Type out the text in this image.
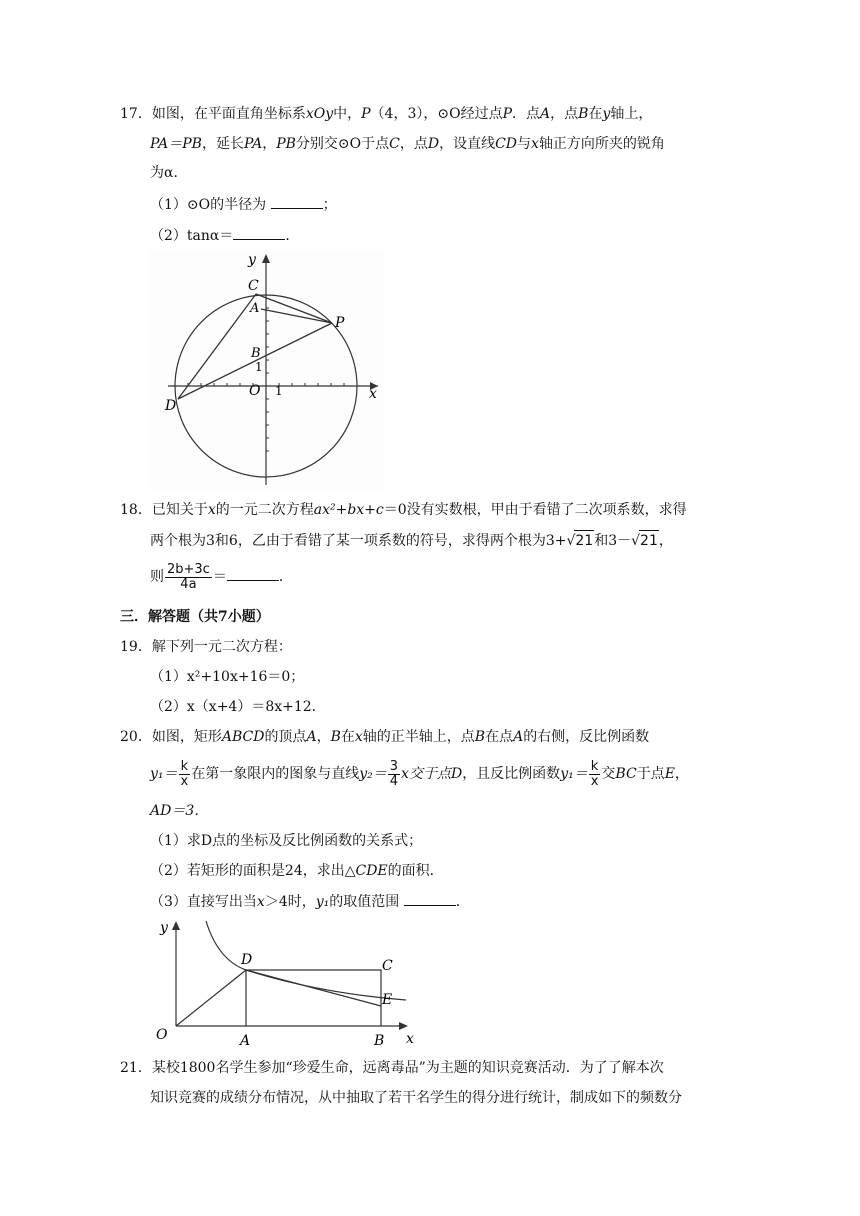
17．如图，在平面直角坐标系xOy中，P（4，3），⊙O经过点P．点A，点B在y轴上，
PA＝PB，延长PA，PB分别交⊙O于点C，点D，设直线CD与x轴正方向所夹的锐角
为α．
（1）⊙O的半径为	；
（2）tanα＝	．
y
x
C
A
P
B
1
O 1
D
18．已知关于x的一元二次方程ax²+bx+c＝0没有实数根，甲由于看错了二次项系数，求得
两个根为3和6，乙由于看错了某一项系数的符号，求得两个根为3+√21和3－√21，
则 $\frac{2b+3c}{4a}$ ＝	．
三．解答题（共7小题）
19．解下列一元二次方程：
（1）x²+10x+16＝0；
（2）x（x+4）＝8x+12．
20．如图，矩形ABCD的顶点A，B在x轴的正半轴上，点B在点A的右侧，反比例函数
$y_1= \frac{k}{x}$ 在第一象限内的图象与直线$y_2= \frac{3}{4}$ x交于点D，且反比例函数$y_1= \frac{k}{x}$ 交BC于点E，
AD＝3．
（1）求D点的坐标及反比例函数的关系式；
（2）若矩形的面积是24，求出△CDE的面积．
（3）直接写出当x＞4时，y₁的取值范围	．
y
x
D	C
E
O	A	B
21．某校1800名学生参加“珍爱生命，远离毒品”为主题的知识竞赛活动．为了了解本次
知识竞赛的成绩分布情况，从中抽取了若干名学生的得分进行统计，制成如下的频数分
